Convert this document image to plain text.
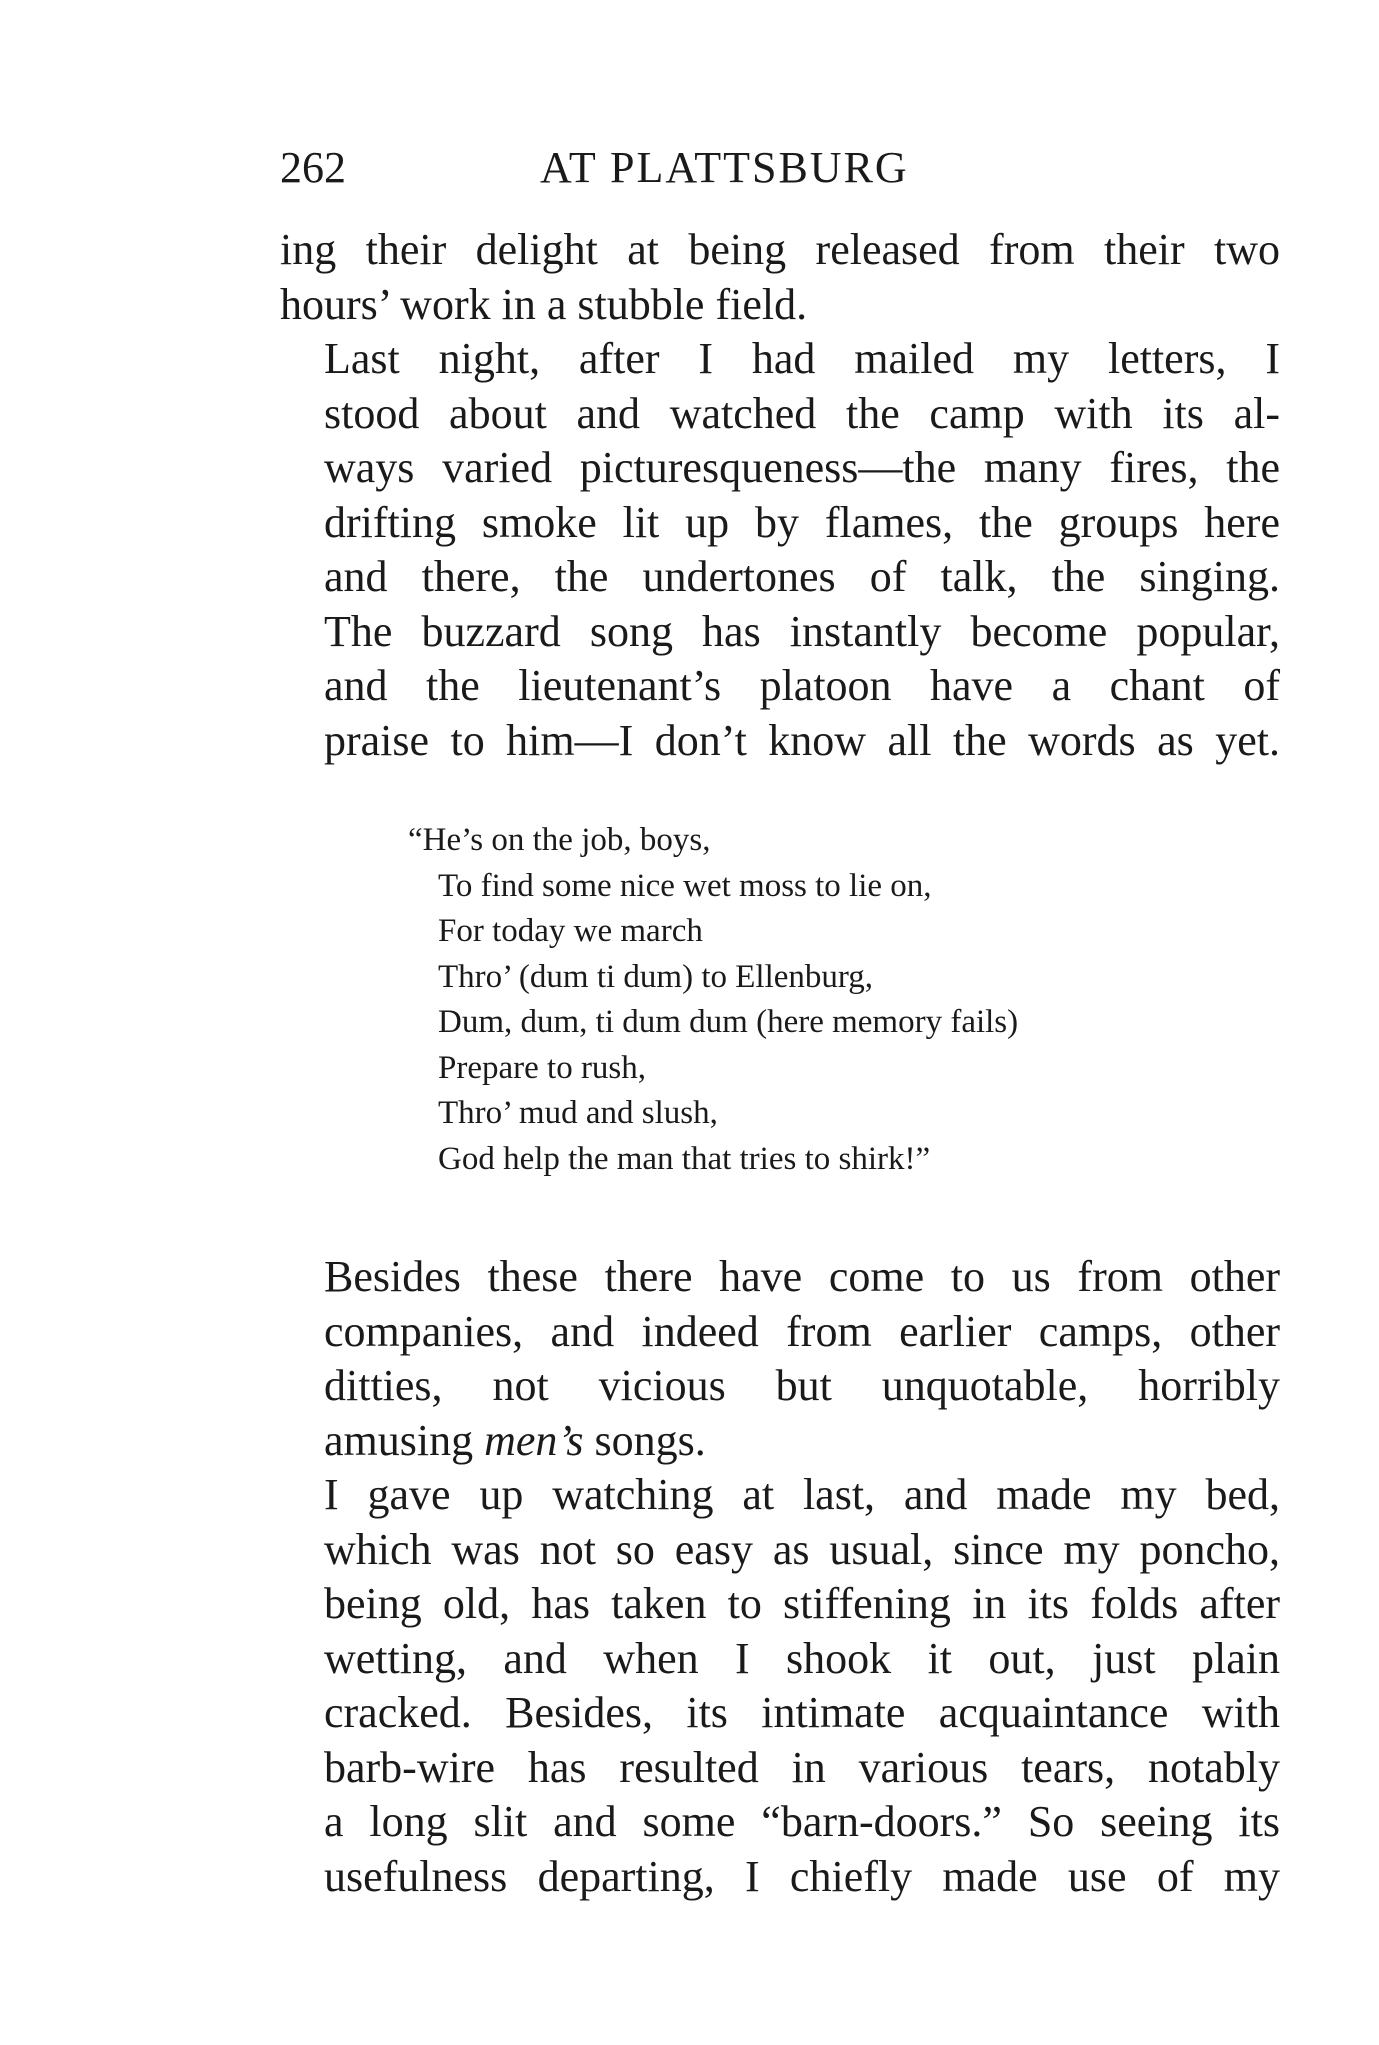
262	AT PLATTSBURG

ing their delight at being released from their two
hours’ work in a stubble field.

Last night, after I had mailed my letters, I
stood about and watched the camp with its al-
ways varied picturesqueness—the many fires, the
drifting smoke lit up by flames, the groups here
and there, the undertones of talk, the singing.
The buzzard song has instantly become popular,
and the lieutenant’s platoon have a chant of
praise to him—I don’t know all the words as yet.

“He’s on the job, boys,
To find some nice wet moss to lie on,
For today we march
Thro’ (dum ti dum) to Ellenburg,
Dum, dum, ti dum dum (here memory fails)
Prepare to rush,
Thro’ mud and slush,
God help the man that tries to shirk!”

Besides these there have come to us from other
companies, and indeed from earlier camps, other
ditties, not vicious but unquotable, horribly
amusing men’s songs.

I gave up watching at last, and made my bed,
which was not so easy as usual, since my poncho,
being old, has taken to stiffening in its folds after
wetting, and when I shook it out, just plain
cracked. Besides, its intimate acquaintance with
barb-wire has resulted in various tears, notably
a long slit and some “barn-doors.” So seeing its
usefulness departing, I chiefly made use of my
